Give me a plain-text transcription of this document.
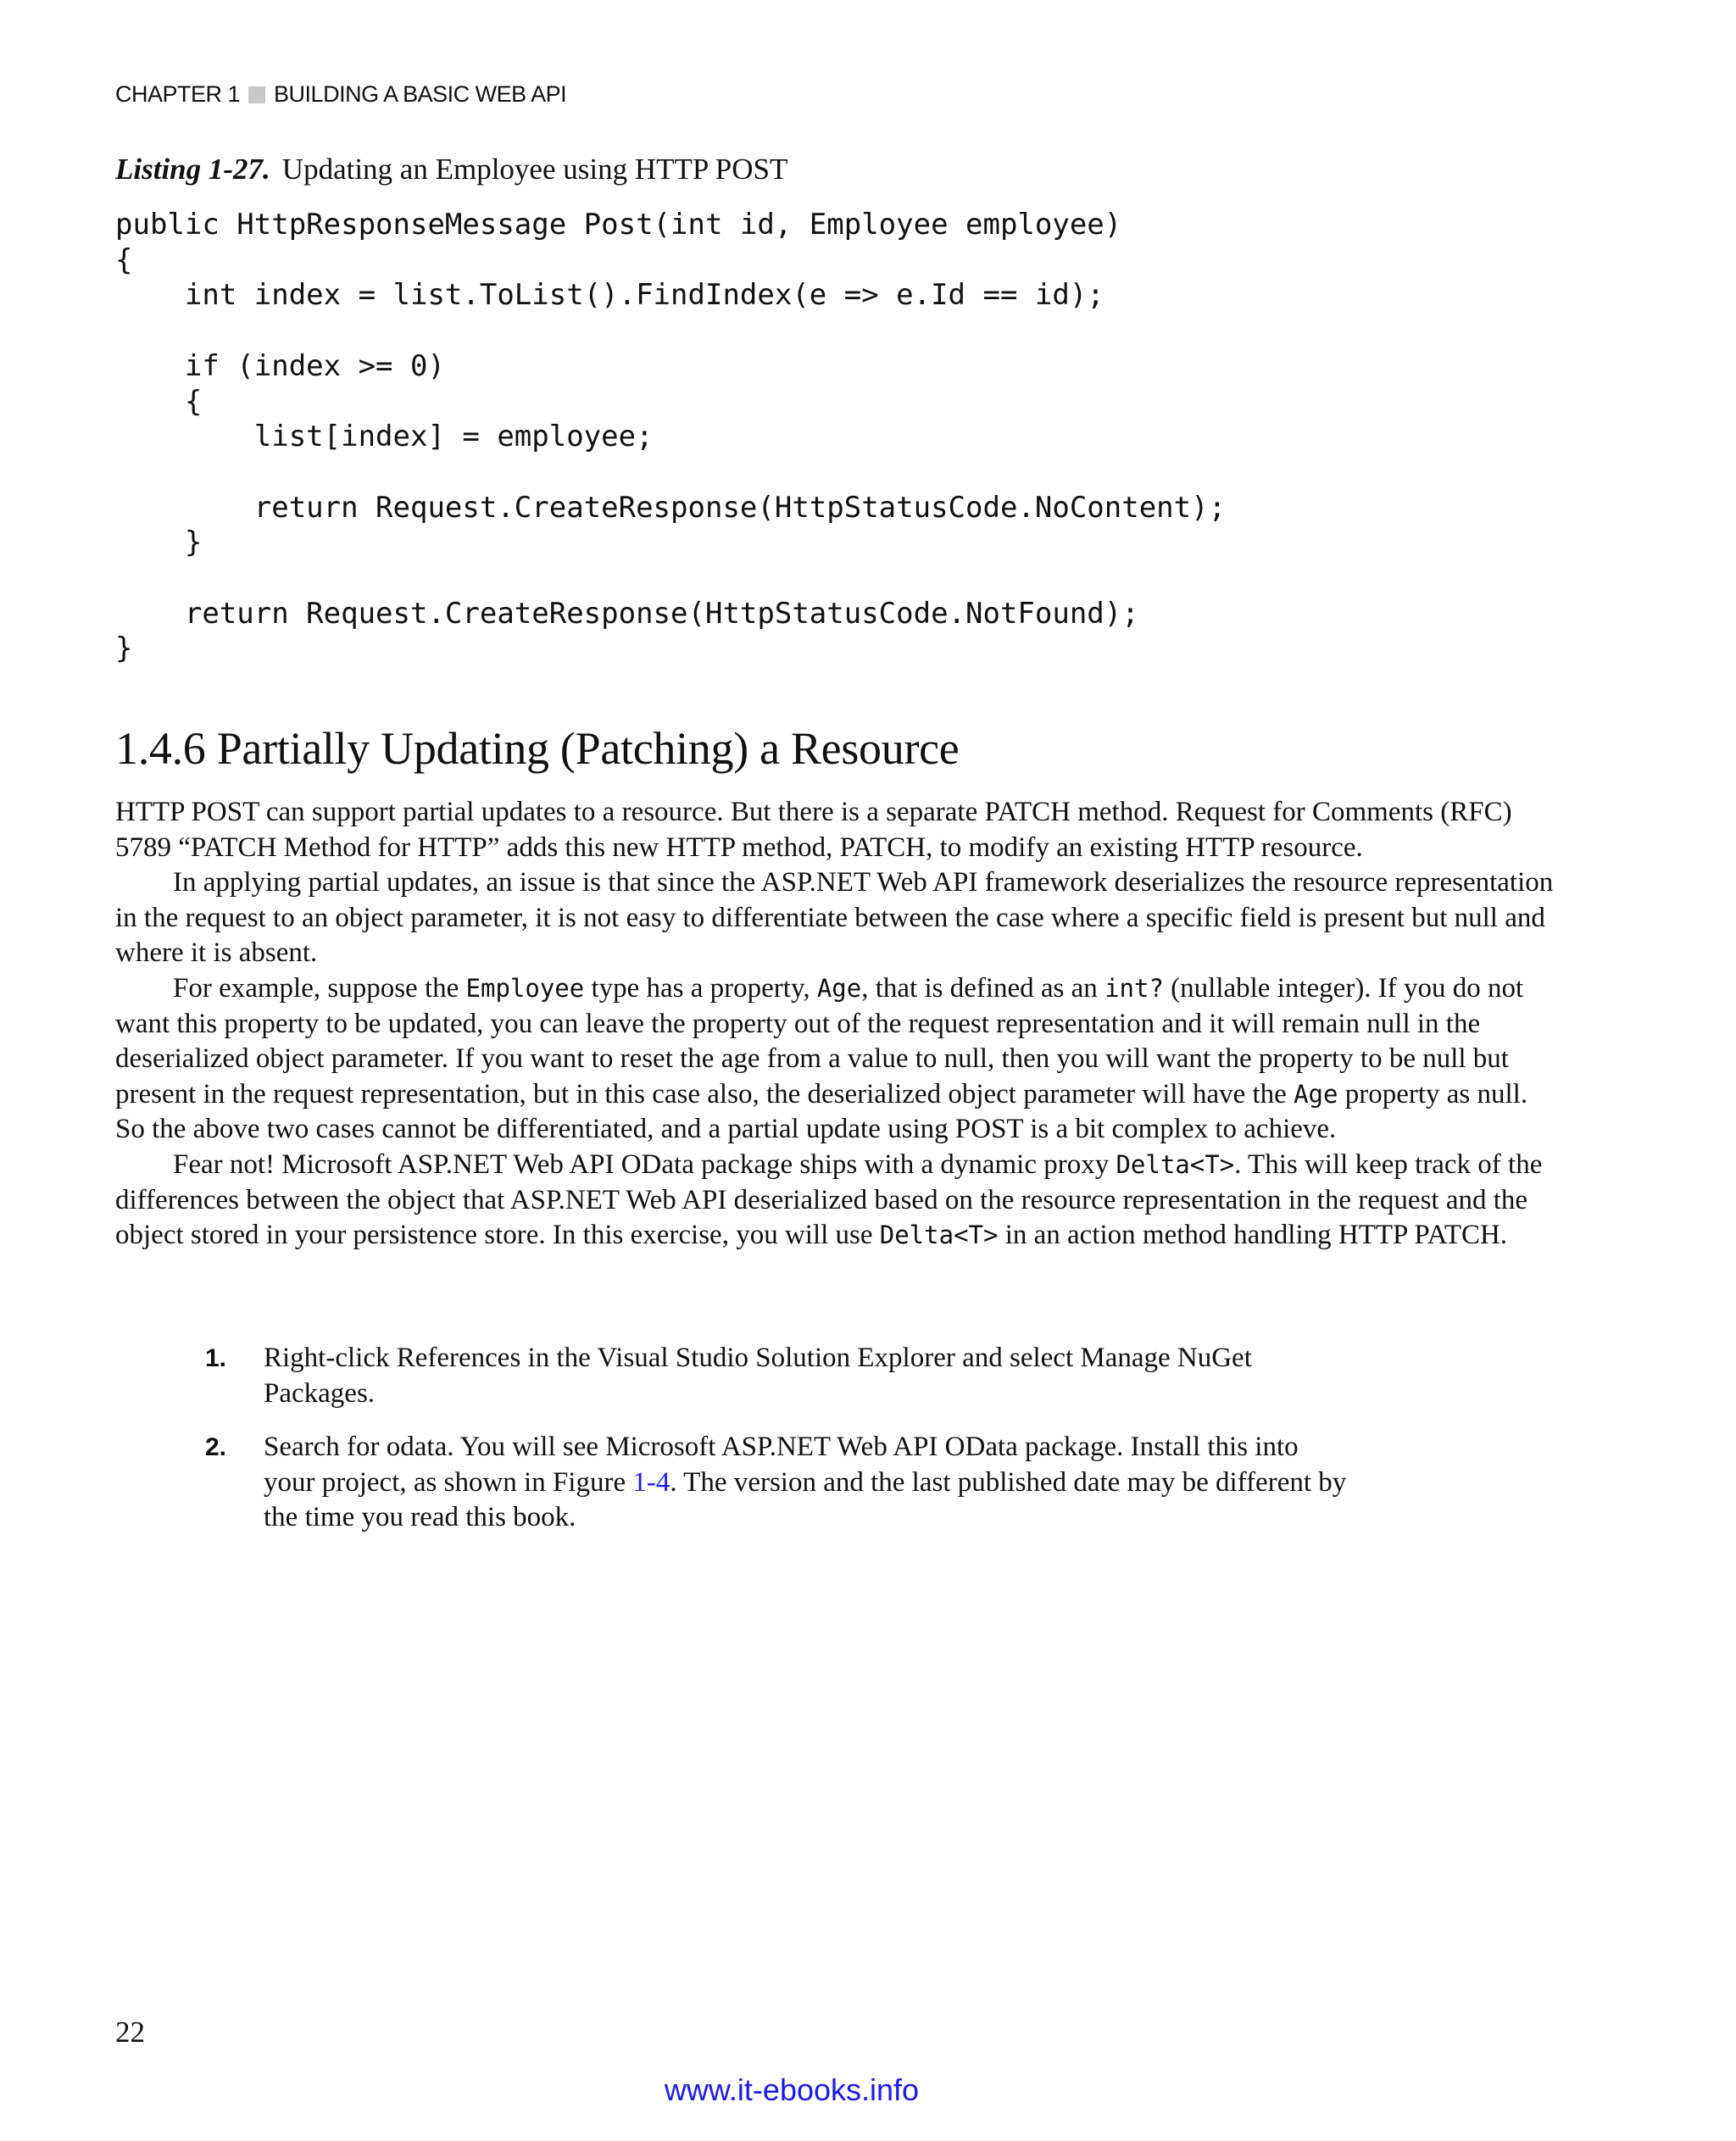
CHAPTER 1 BUILDING A BASIC WEB API
Listing 1-27. Updating an Employee using HTTP POST
public HttpResponseMessage Post(int id, Employee employee)
{
int index = list.ToList().FindIndex(e => e.Id == id);

if (index >= 0)
{
list[index] = employee;

return Request.CreateResponse(HttpStatusCode.NoContent);
}

return Request.CreateResponse(HttpStatusCode.NotFound);
}
1.4.6 Partially Updating (Patching) a Resource

HTTP POST can support partial updates to a resource. But there is a separate PATCH method. Request for Comments (RFC) 5789 “PATCH Method for HTTP” adds this new HTTP method, PATCH, to modify an existing HTTP resource.

In applying partial updates, an issue is that since the ASP.NET Web API framework deserializes the resource representation in the request to an object parameter, it is not easy to differentiate between the case where a specific field is present but null and where it is absent.

For example, suppose the Employee type has a property, Age, that is defined as an int? (nullable integer). If you do not want this property to be updated, you can leave the property out of the request representation and it will remain null in the deserialized object parameter. If you want to reset the age from a value to null, then you will want the property to be null but present in the request representation, but in this case also, the deserialized object parameter will have the Age property as null. So the above two cases cannot be differentiated, and a partial update using POST is a bit complex to achieve.

Fear not! Microsoft ASP.NET Web API OData package ships with a dynamic proxy Delta<T>. This will keep track of the differences between the object that ASP.NET Web API deserialized based on the resource representation in the request and the object stored in your persistence store. In this exercise, you will use Delta<T> in an action method handling HTTP PATCH.

1. Right-click References in the Visual Studio Solution Explorer and select Manage NuGet Packages.
2. Search for odata. You will see Microsoft ASP.NET Web API OData package. Install this into your project, as shown in Figure 1-4. The version and the last published date may be different by the time you read this book.
22
www.it-ebooks.info
